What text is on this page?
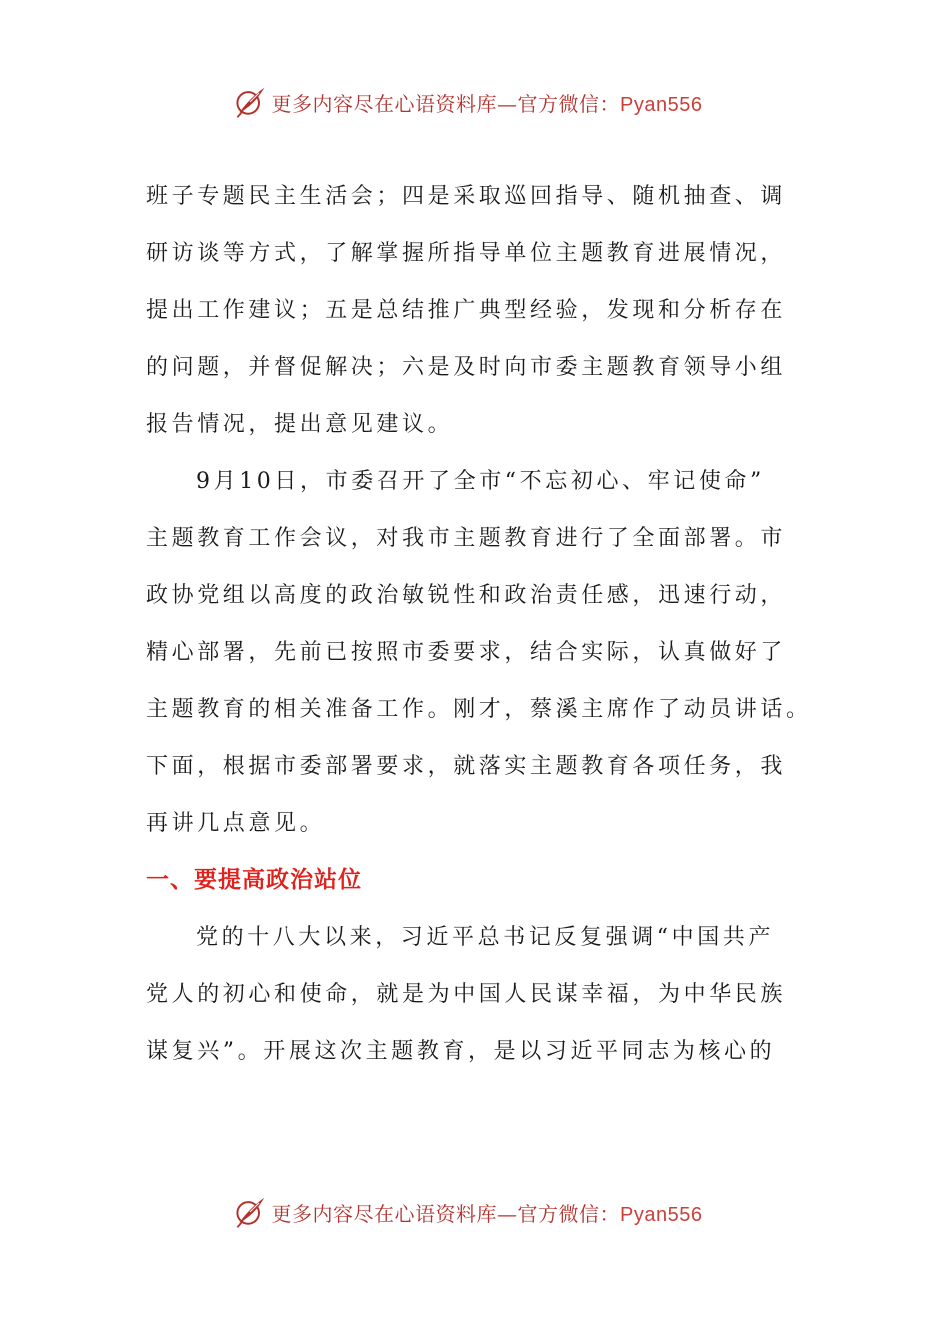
更多内容尽在心语资料库—官方微信：Pyan556
班子专题民主生活会；四是采取巡回指导、随机抽查、调
研访谈等方式，了解掌握所指导单位主题教育进展情况，
提出工作建议；五是总结推广典型经验，发现和分析存在
的问题，并督促解决；六是及时向市委主题教育领导小组
报告情况，提出意见建议。
9月10日，市委召开了全市“不忘初心、牢记使命”
主题教育工作会议，对我市主题教育进行了全面部署。市
政协党组以高度的政治敏锐性和政治责任感，迅速行动，
精心部署，先前已按照市委要求，结合实际，认真做好了
主题教育的相关准备工作。刚才，蔡溪主席作了动员讲话。
下面，根据市委部署要求，就落实主题教育各项任务，我
再讲几点意见。
一、要提高政治站位
党的十八大以来，习近平总书记反复强调“中国共产
党人的初心和使命，就是为中国人民谋幸福，为中华民族
谋复兴”。开展这次主题教育，是以习近平同志为核心的
更多内容尽在心语资料库—官方微信：Pyan556
